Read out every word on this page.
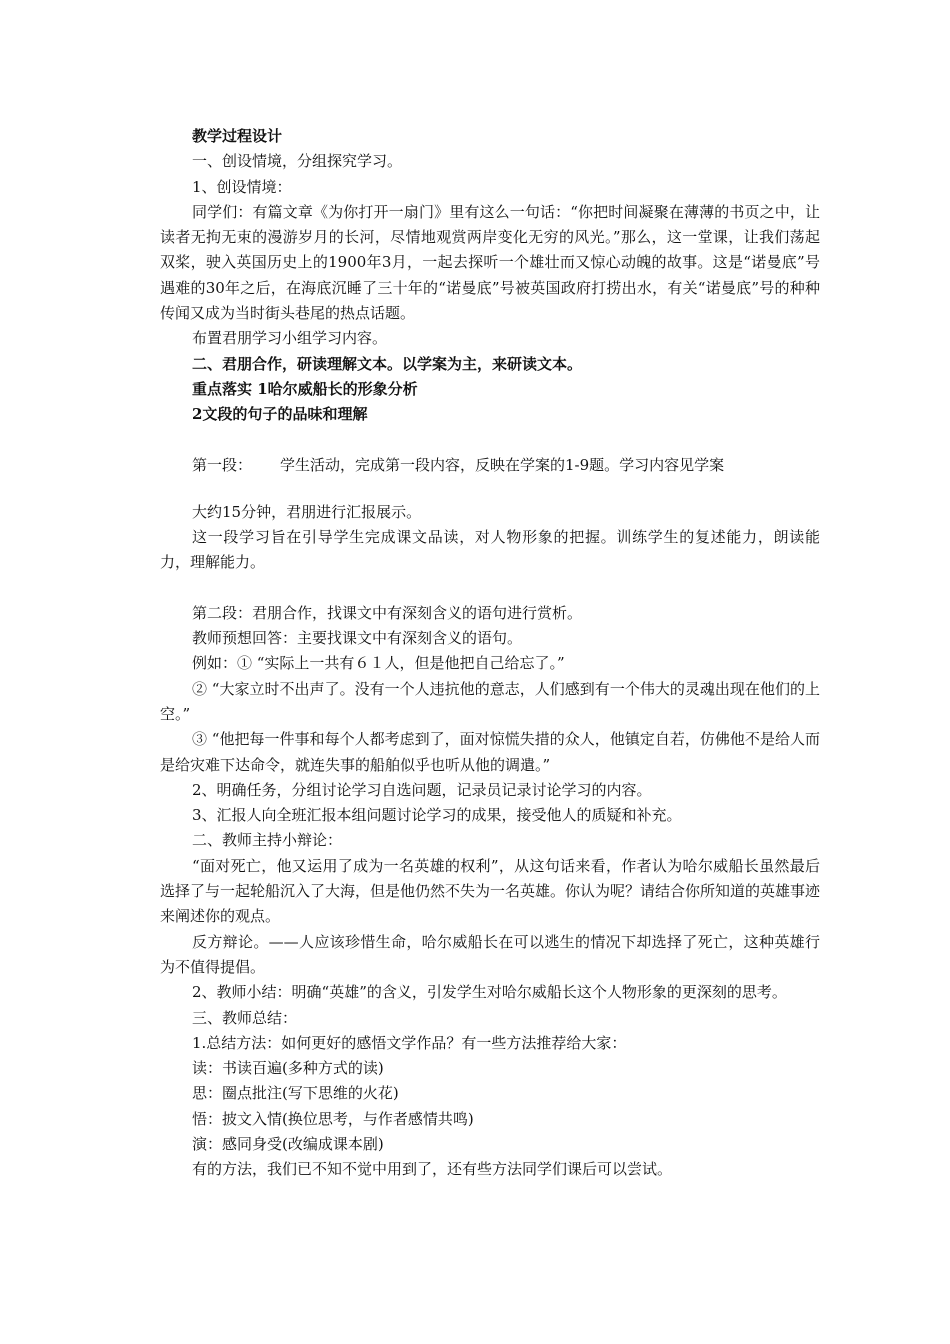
教学过程设计

一、创设情境，分组探究学习。

1、创设情境：

同学们：有篇文章《为你打开一扇门》里有这么一句话：“你把时间凝聚在薄薄的书页之中，让读者无拘无束的漫游岁月的长河，尽情地观赏两岸变化无穷的风光。”那么，这一堂课，让我们荡起双桨，驶入英国历史上的1900年3月，一起去探听一个雄壮而又惊心动魄的故事。这是“诺曼底”号遇难的30年之后，在海底沉睡了三十年的“诺曼底”号被英国政府打捞出水，有关“诺曼底”号的种种传闻又成为当时街头巷尾的热点话题。

布置君朋学习小组学习内容。

二、君朋合作，研读理解文本。以学案为主，来研读文本。

重点落实 1哈尔威船长的形象分析

2文段的句子的品味和理解

第一段： 学生活动，完成第一段内容，反映在学案的1-9题。学习内容见学案

大约15分钟，君朋进行汇报展示。

这一段学习旨在引导学生完成课文品读，对人物形象的把握。训练学生的复述能力，朗读能力，理解能力。

第二段：君朋合作，找课文中有深刻含义的语句进行赏析。

教师预想回答：主要找课文中有深刻含义的语句。

例如：① “实际上一共有６１人，但是他把自己给忘了。”

② “大家立时不出声了。没有一个人违抗他的意志，人们感到有一个伟大的灵魂出现在他们的上空。”

③ “他把每一件事和每个人都考虑到了，面对惊慌失措的众人，他镇定自若，仿佛他不是给人而是给灾难下达命令，就连失事的船舶似乎也听从他的调遣。”

2、明确任务，分组讨论学习自选问题，记录员记录讨论学习的内容。

3、汇报人向全班汇报本组问题讨论学习的成果，接受他人的质疑和补充。

二、教师主持小辩论：

“面对死亡，他又运用了成为一名英雄的权利”，从这句话来看，作者认为哈尔威船长虽然最后选择了与一起轮船沉入了大海，但是他仍然不失为一名英雄。你认为呢？请结合你所知道的英雄事迹来阐述你的观点。

反方辩论。——人应该珍惜生命，哈尔威船长在可以逃生的情况下却选择了死亡，这种英雄行为不值得提倡。

2、教师小结：明确“英雄”的含义，引发学生对哈尔威船长这个人物形象的更深刻的思考。

三、教师总结：

1.总结方法：如何更好的感悟文学作品？有一些方法推荐给大家：

读：书读百遍(多种方式的读)

思：圈点批注(写下思维的火花)

悟：披文入情(换位思考，与作者感情共鸣)

演：感同身受(改编成课本剧)

有的方法，我们已不知不觉中用到了，还有些方法同学们课后可以尝试。
